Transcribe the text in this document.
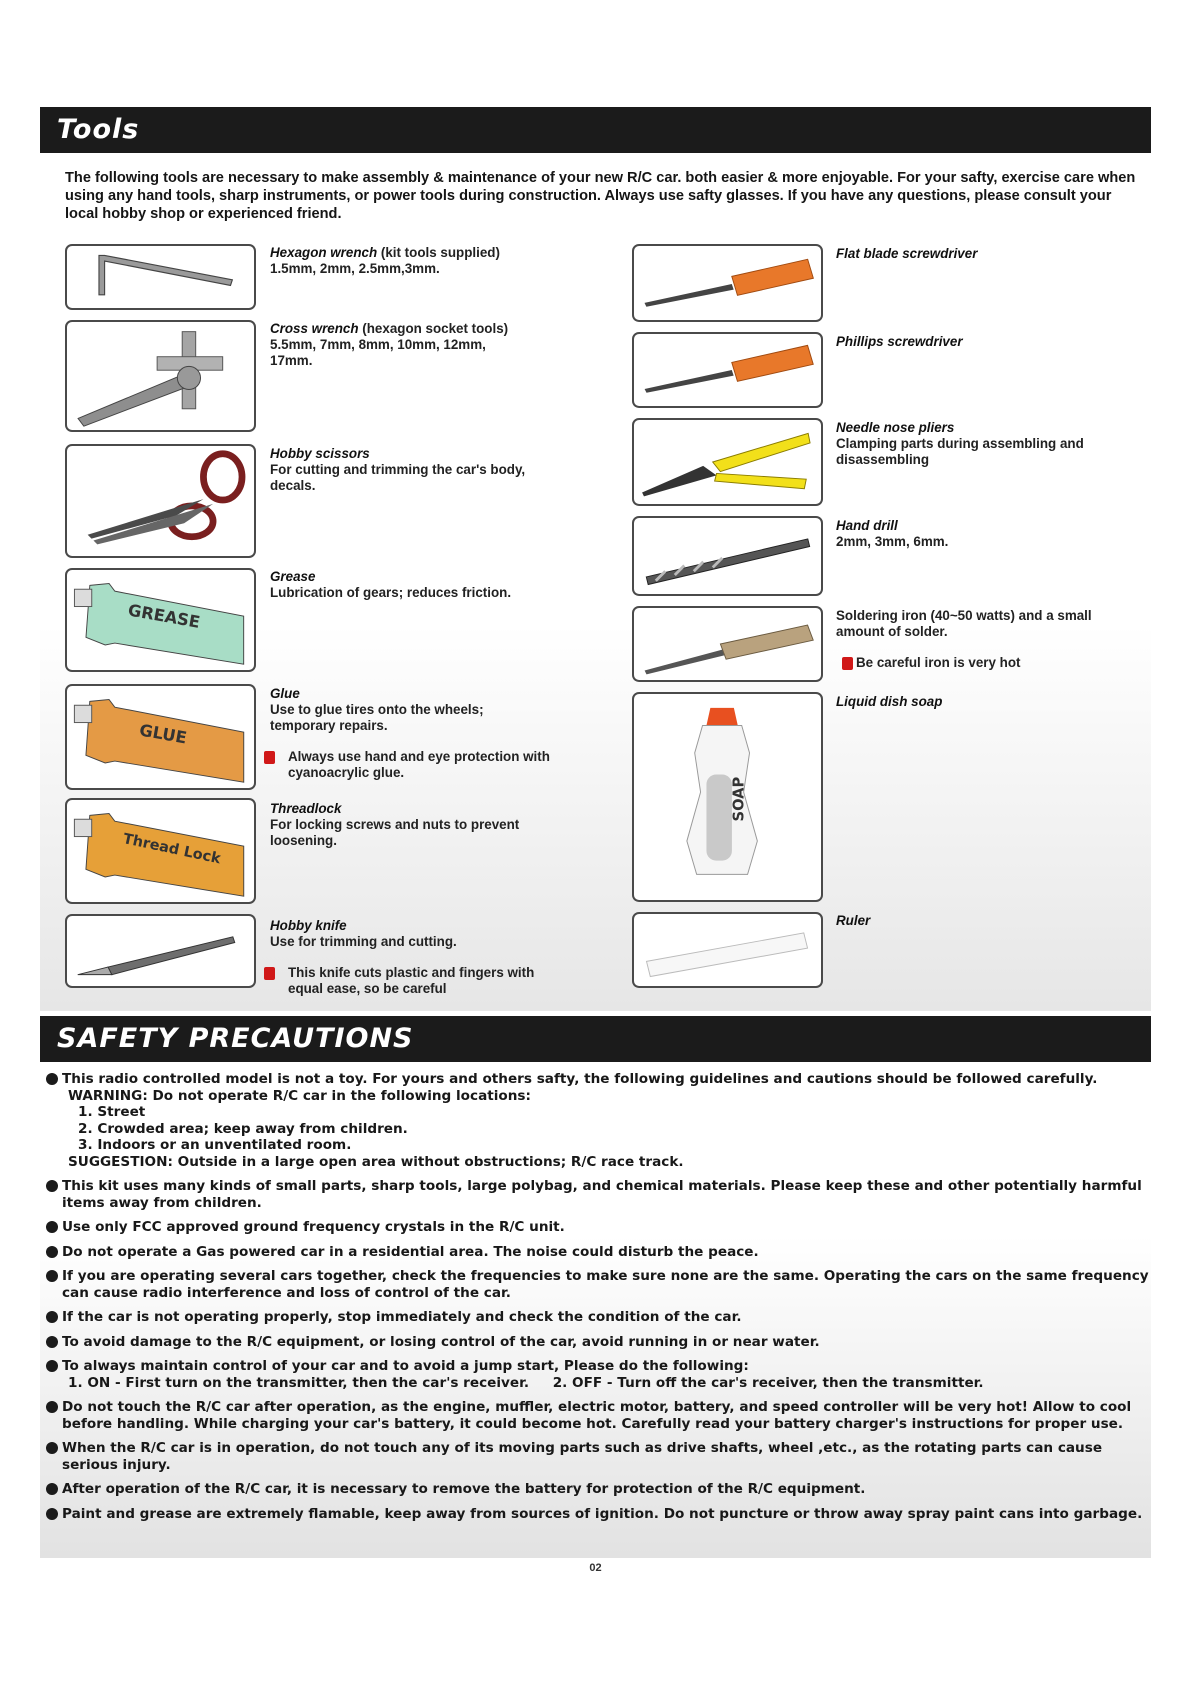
Tools
The following tools are necessary to make assembly & maintenance of your new R/C car. both easier & more enjoyable. For your safty, exercise care when using any hand tools, sharp instruments, or power tools during construction. Always use safty glasses. If you have any questions, please consult your local hobby shop or experienced friend.
Hexagon wrench (kit tools supplied)
1.5mm, 2mm, 2.5mm,3mm.
Cross wrench (hexagon socket tools)
5.5mm, 7mm, 8mm, 10mm, 12mm, 17mm.
Hobby scissors
For cutting and trimming the car's body, decals.
GREASE
Grease
Lubrication of gears; reduces friction.
GLUE
Glue
Use to glue tires onto the wheels; temporary repairs.
Always use hand and eye protection with cyanoacrylic glue.
Thread Lock
Threadlock
For locking screws and nuts to prevent loosening.
Hobby knife
Use for trimming and cutting.
This knife cuts plastic and fingers with equal ease, so be careful
Flat blade screwdriver
Phillips screwdriver
Needle nose pliers
Clamping parts during assembling and disassembling
Hand drill
2mm, 3mm, 6mm.
Soldering iron (40~50 watts) and a small amount of solder.
Be careful iron is very hot
SOAP
Liquid dish soap
Ruler
SAFETY PRECAUTIONS
This radio controlled model is not a toy. For yours and others safty, the following guidelines and cautions should be followed carefully.
WARNING: Do not operate R/C car in the following locations:
1. Street
2. Crowded area; keep away from children.
3. Indoors or an unventilated room.
SUGGESTION: Outside in a large open area without obstructions; R/C race track.
This kit uses many kinds of small parts, sharp tools, large polybag, and chemical materials. Please keep these and other potentially harmful items away from children.
Use only FCC approved ground frequency crystals in the R/C unit.
Do not operate a Gas powered car in a residential area. The noise could disturb the peace.
If you are operating several cars together, check the frequencies to make sure none are the same. Operating the cars on the same frequency can cause radio interference and loss of control of the car.
If the car is not operating properly, stop immediately and check the condition of the car.
To avoid damage to the R/C equipment, or losing control of the car, avoid running in or near water.
To always maintain control of your car and to avoid a jump start, Please do the following:
1. ON - First turn on the transmitter, then the car's receiver.     2. OFF - Turn off the car's receiver, then the transmitter.
Do not touch the R/C car after operation, as the engine, muffler, electric motor, battery, and speed controller will be very hot! Allow to cool before handling. While charging your car's battery, it could become hot. Carefully read your battery charger's instructions for proper use.
When the R/C car is in operation, do not touch any of its moving parts such as drive shafts, wheel ,etc., as the rotating parts can cause serious injury.
After operation of the R/C car, it is necessary to remove the battery for protection of the R/C equipment.
Paint and grease are extremely flamable, keep away from sources of ignition. Do not puncture or throw away spray paint cans into garbage.
02
